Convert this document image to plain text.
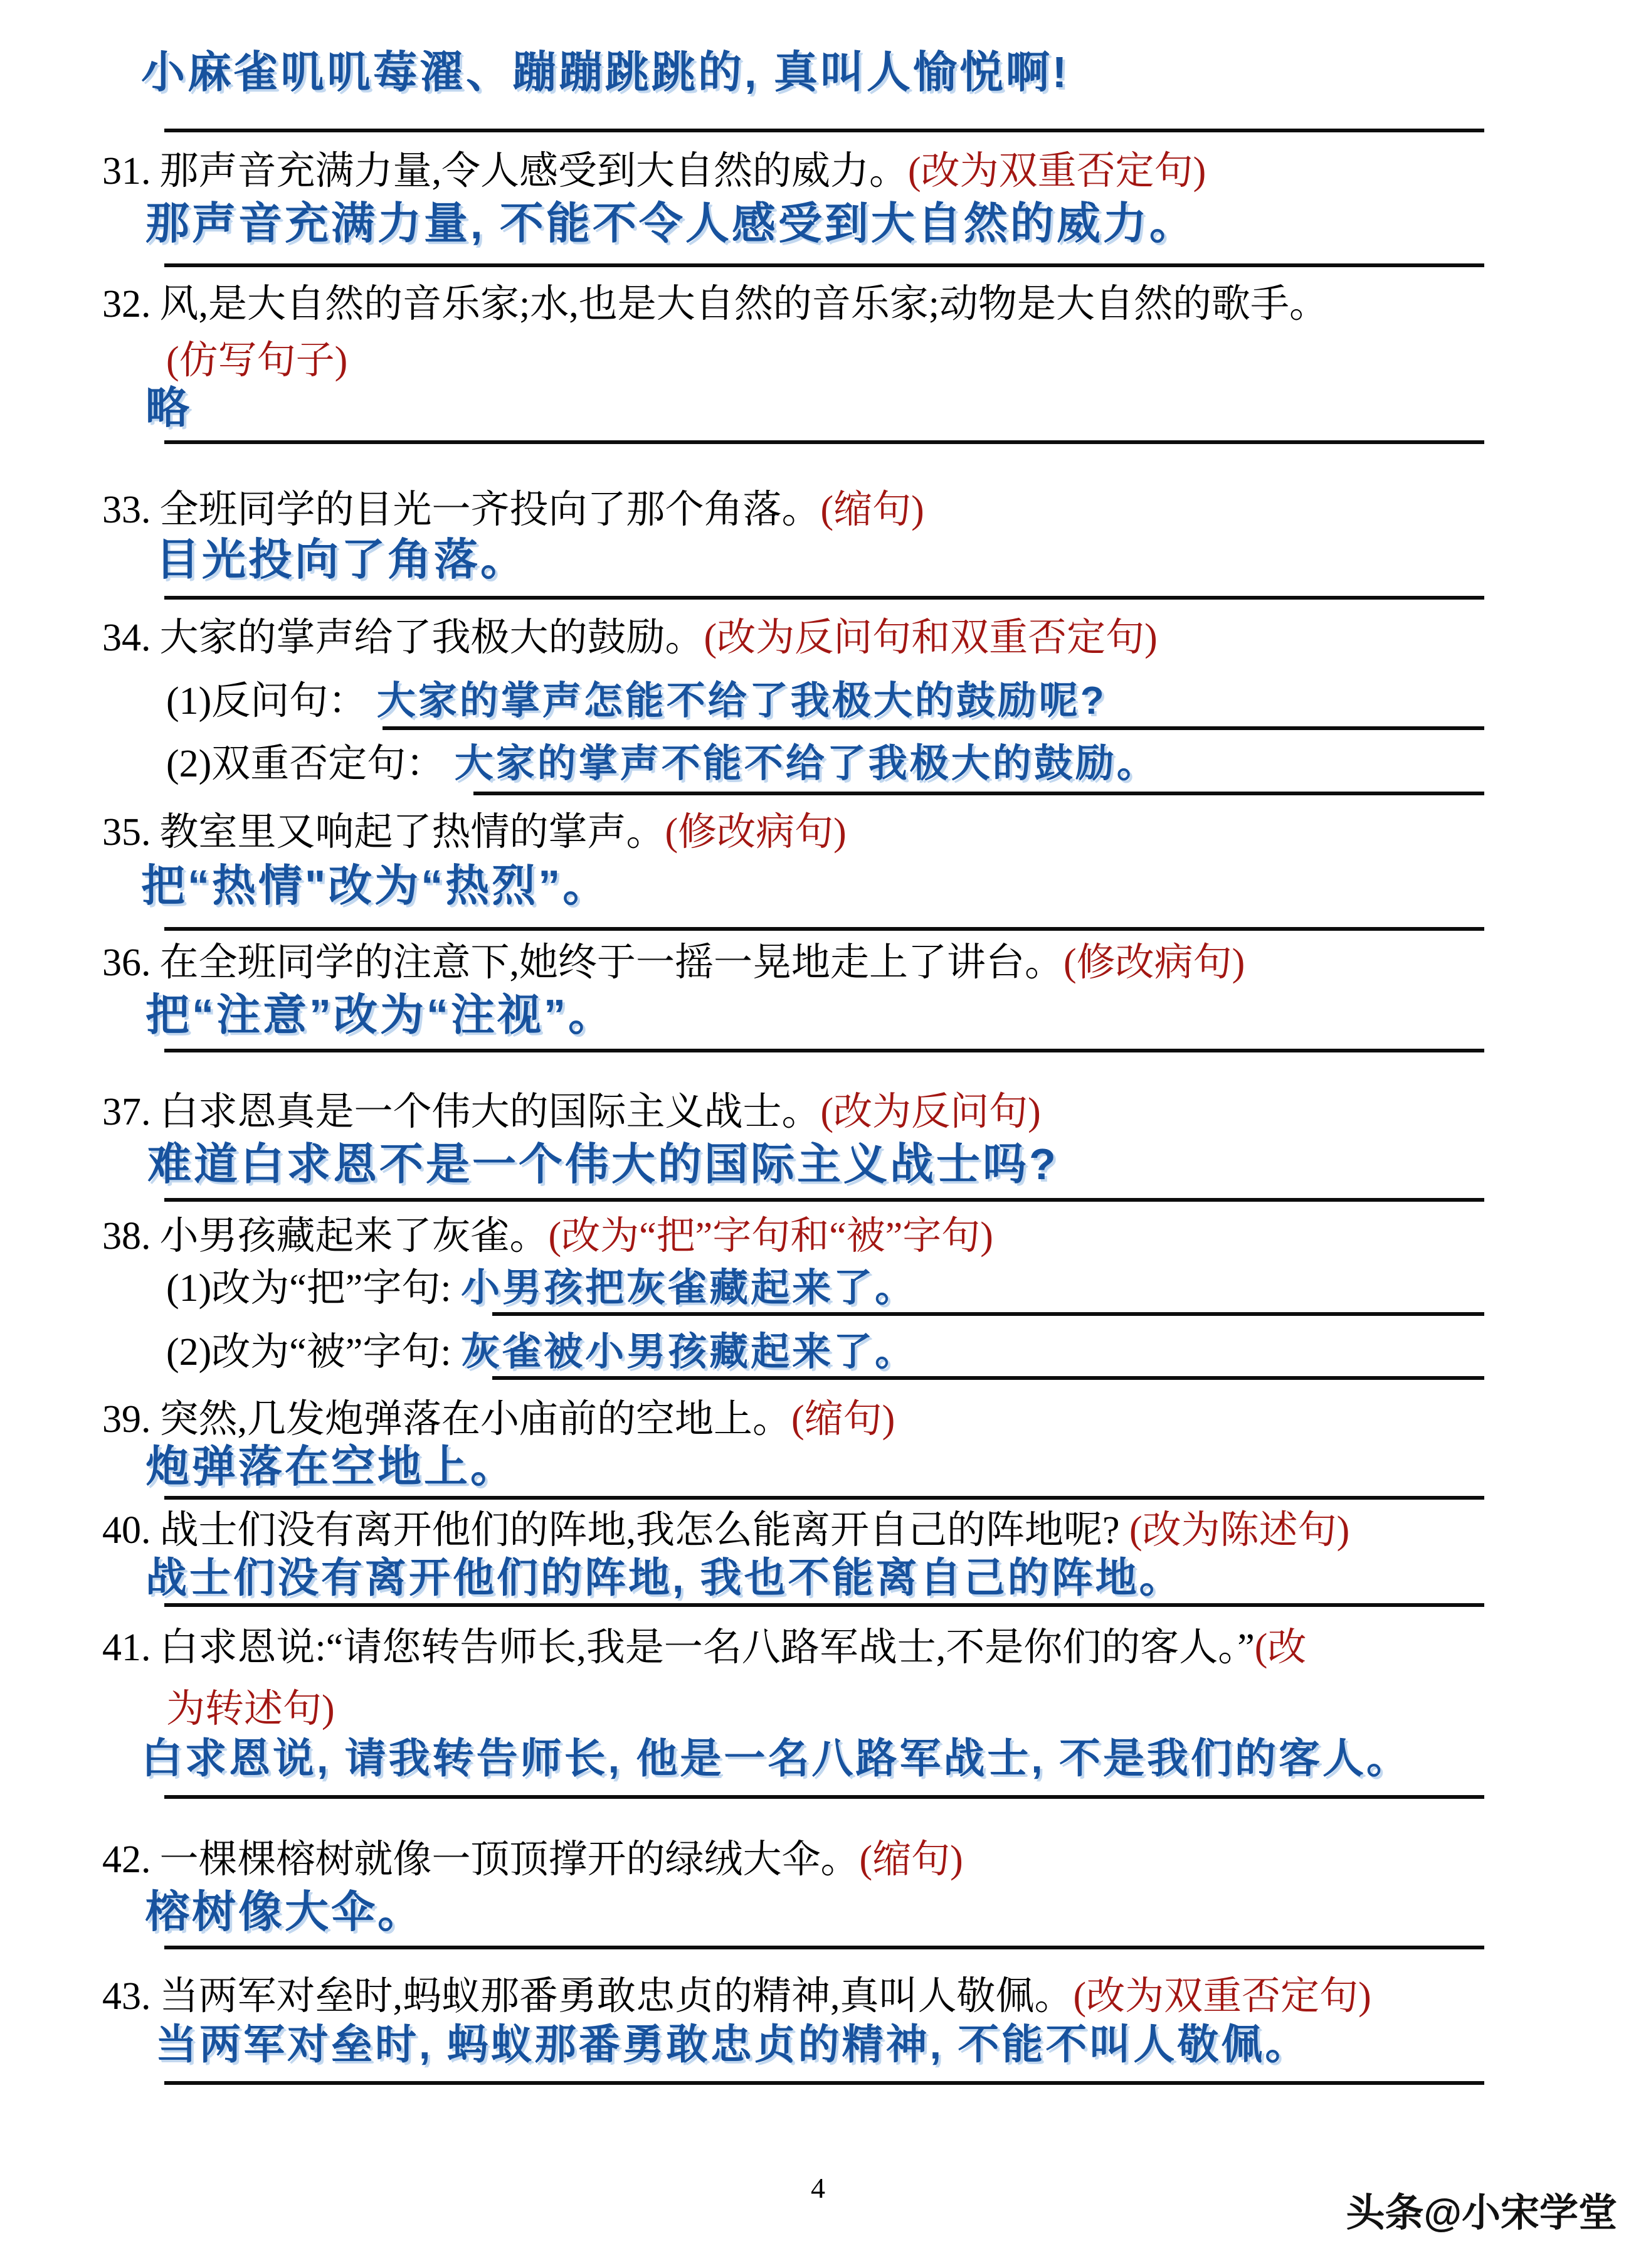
小麻雀叽叽莓濯、蹦蹦跳跳的, 真叫人愉悦啊!
31. 那声音充满力量,令人感受到大自然的威力。(改为双重否定句)
那声音充满力量, 不能不令人感受到大自然的威力。
32. 风,是大自然的音乐家;水,也是大自然的音乐家;动物是大自然的歌手。
(仿写句子)
略
33. 全班同学的目光一齐投向了那个角落。(缩句)
目光投向了角落。
34. 大家的掌声给了我极大的鼓励。(改为反问句和双重否定句)
(1)反问句： 大家的掌声怎能不给了我极大的鼓励呢?
(2)双重否定句： 大家的掌声不能不给了我极大的鼓励。
35. 教室里又响起了热情的掌声。(修改病句)
把“热情"改为“热烈”。
36. 在全班同学的注意下,她终于一摇一晃地走上了讲台。(修改病句)
把“注意”改为“注视”。
37. 白求恩真是一个伟大的国际主义战士。(改为反问句)
难道白求恩不是一个伟大的国际主义战士吗?
38. 小男孩藏起来了灰雀。(改为“把”字句和“被”字句)
(1)改为“把”字句: 小男孩把灰雀藏起来了。
(2)改为“被”字句: 灰雀被小男孩藏起来了。
39. 突然,几发炮弹落在小庙前的空地上。(缩句)
炮弹落在空地上。
40. 战士们没有离开他们的阵地,我怎么能离开自己的阵地呢? (改为陈述句)
战士们没有离开他们的阵地, 我也不能离自己的阵地。
41. 白求恩说:“请您转告师长,我是一名八路军战士,不是你们的客人。”(改
为转述句)
白求恩说, 请我转告师长, 他是一名八路军战士, 不是我们的客人。
42. 一棵棵榕树就像一顶顶撑开的绿绒大伞。(缩句)
榕树像大伞。
43. 当两军对垒时,蚂蚁那番勇敢忠贞的精神,真叫人敬佩。(改为双重否定句)
当两军对垒时, 蚂蚁那番勇敢忠贞的精神, 不能不叫人敬佩。
4
头条@小宋学堂
